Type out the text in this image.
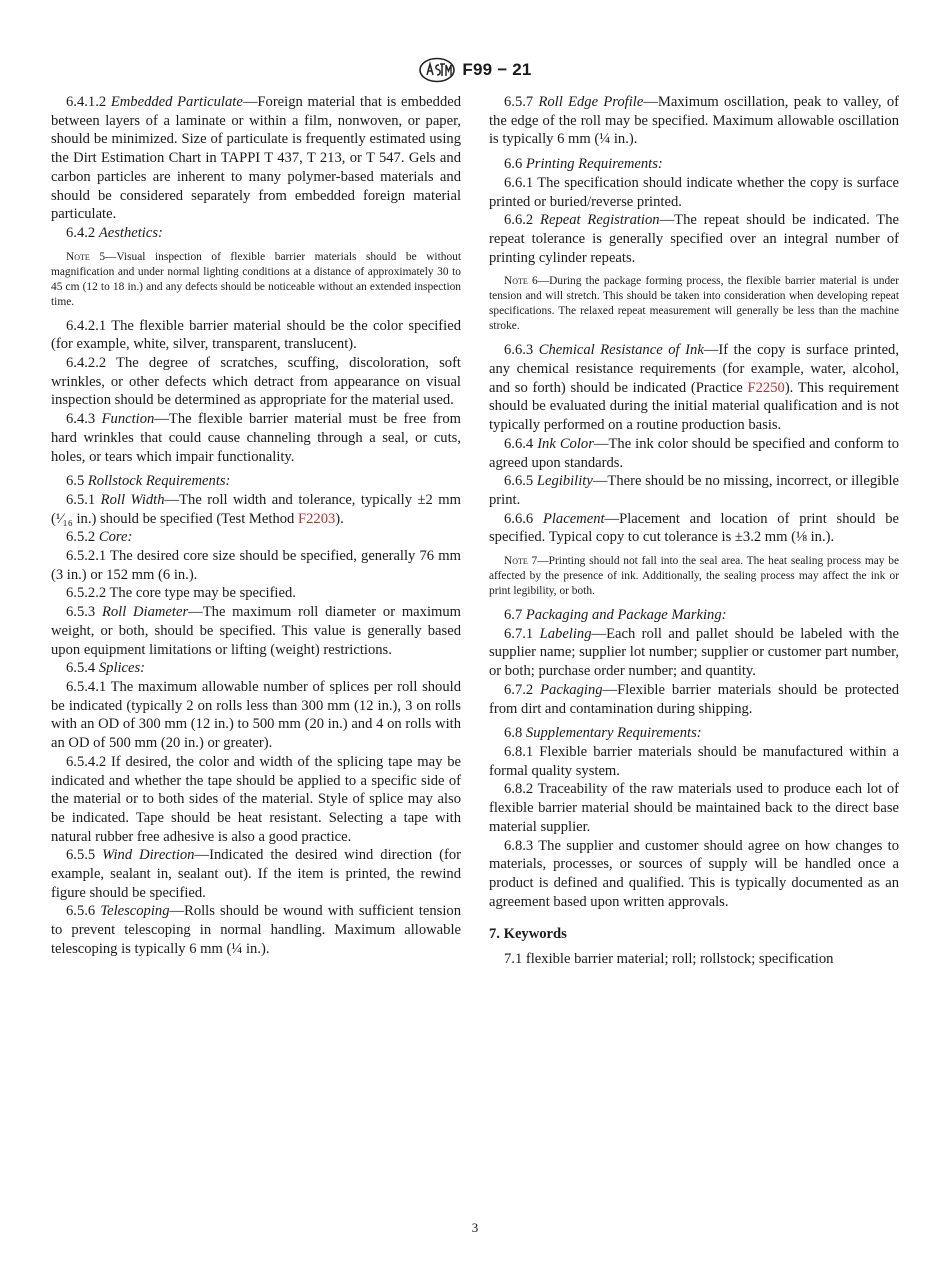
F99 − 21

6.4.1.2 Embedded Particulate—Foreign material that is embedded between layers of a laminate or within a film, nonwoven, or paper, should be minimized. Size of particulate is frequently estimated using the Dirt Estimation Chart in TAPPI T 437, T 213, or T 547. Gels and carbon particles are inherent to many polymer-based materials and should be considered separately from embedded foreign material particulate.

6.4.2 Aesthetics:

Note 5—Visual inspection of flexible barrier materials should be without magnification and under normal lighting conditions at a distance of approximately 30 to 45 cm (12 to 18 in.) and any defects should be noticeable without an extended inspection time.

6.4.2.1 The flexible barrier material should be the color specified (for example, white, silver, transparent, translucent).

6.4.2.2 The degree of scratches, scuffing, discoloration, soft wrinkles, or other defects which detract from appearance on visual inspection should be determined as appropriate for the material used.

6.4.3 Function—The flexible barrier material must be free from hard wrinkles that could cause channeling through a seal, or cuts, holes, or tears which impair functionality.

6.5 Rollstock Requirements:

6.5.1 Roll Width—The roll width and tolerance, typically ±2 mm (¹⁄₁₆ in.) should be specified (Test Method F2203).

6.5.2 Core:

6.5.2.1 The desired core size should be specified, generally 76 mm (3 in.) or 152 mm (6 in.).

6.5.2.2 The core type may be specified.

6.5.3 Roll Diameter—The maximum roll diameter or maximum weight, or both, should be specified. This value is generally based upon equipment limitations or lifting (weight) restrictions.

6.5.4 Splices:

6.5.4.1 The maximum allowable number of splices per roll should be indicated (typically 2 on rolls less than 300 mm (12 in.), 3 on rolls with an OD of 300 mm (12 in.) to 500 mm (20 in.) and 4 on rolls with an OD of 500 mm (20 in.) or greater).

6.5.4.2 If desired, the color and width of the splicing tape may be indicated and whether the tape should be applied to a specific side of the material or to both sides of the material. Style of splice may also be indicated. Tape should be heat resistant. Selecting a tape with natural rubber free adhesive is also a good practice.

6.5.5 Wind Direction—Indicated the desired wind direction (for example, sealant in, sealant out). If the item is printed, the rewind figure should be specified.

6.5.6 Telescoping—Rolls should be wound with sufficient tension to prevent telescoping in normal handling. Maximum allowable telescoping is typically 6 mm (¼ in.).

6.5.7 Roll Edge Profile—Maximum oscillation, peak to valley, of the edge of the roll may be specified. Maximum allowable oscillation is typically 6 mm (¼ in.).

6.6 Printing Requirements:

6.6.1 The specification should indicate whether the copy is surface printed or buried/reverse printed.

6.6.2 Repeat Registration—The repeat should be indicated. The repeat tolerance is generally specified over an integral number of printing cylinder repeats.

Note 6—During the package forming process, the flexible barrier material is under tension and will stretch. This should be taken into consideration when developing repeat specifications. The relaxed repeat measurement will generally be less than the machine stroke.

6.6.3 Chemical Resistance of Ink—If the copy is surface printed, any chemical resistance requirements (for example, water, alcohol, and so forth) should be indicated (Practice F2250). This requirement should be evaluated during the initial material qualification and is not typically performed on a routine production basis.

6.6.4 Ink Color—The ink color should be specified and conform to agreed upon standards.

6.6.5 Legibility—There should be no missing, incorrect, or illegible print.

6.6.6 Placement—Placement and location of print should be specified. Typical copy to cut tolerance is ±3.2 mm (⅛ in.).

Note 7—Printing should not fall into the seal area. The heat sealing process may be affected by the presence of ink. Additionally, the sealing process may affect the ink or print legibility, or both.

6.7 Packaging and Package Marking:

6.7.1 Labeling—Each roll and pallet should be labeled with the supplier name; supplier lot number; supplier or customer part number, or both; purchase order number; and quantity.

6.7.2 Packaging—Flexible barrier materials should be protected from dirt and contamination during shipping.

6.8 Supplementary Requirements:

6.8.1 Flexible barrier materials should be manufactured within a formal quality system.

6.8.2 Traceability of the raw materials used to produce each lot of flexible barrier material should be maintained back to the direct base material supplier.

6.8.3 The supplier and customer should agree on how changes to materials, processes, or sources of supply will be handled once a product is defined and qualified. This is typically documented as an agreement based upon written approvals.

7. Keywords

7.1 flexible barrier material; roll; rollstock; specification

3
